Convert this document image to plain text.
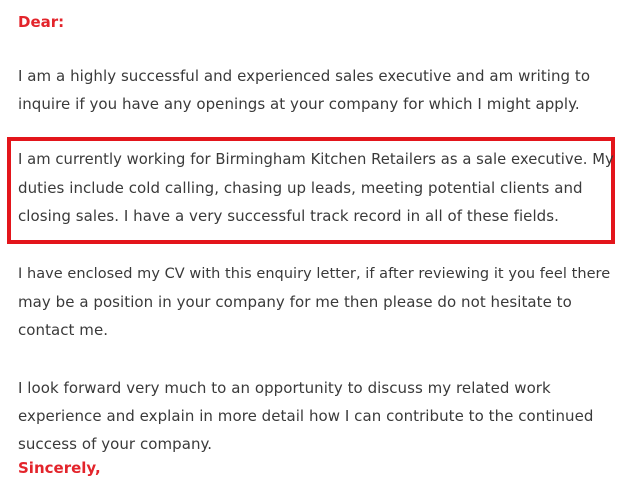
Dear:
I am a highly successful and experienced sales executive and am writing to
inquire if you have any openings at your company for which I might apply.
I am currently working for Birmingham Kitchen Retailers as a sale executive. My
duties include cold calling, chasing up leads, meeting potential clients and
closing sales. I have a very successful track record in all of these fields.
I have enclosed my CV with this enquiry letter, if after reviewing it you feel there
may be a position in your company for me then please do not hesitate to
contact me.
I look forward very much to an opportunity to discuss my related work
experience and explain in more detail how I can contribute to the continued
success of your company.
Sincerely,
